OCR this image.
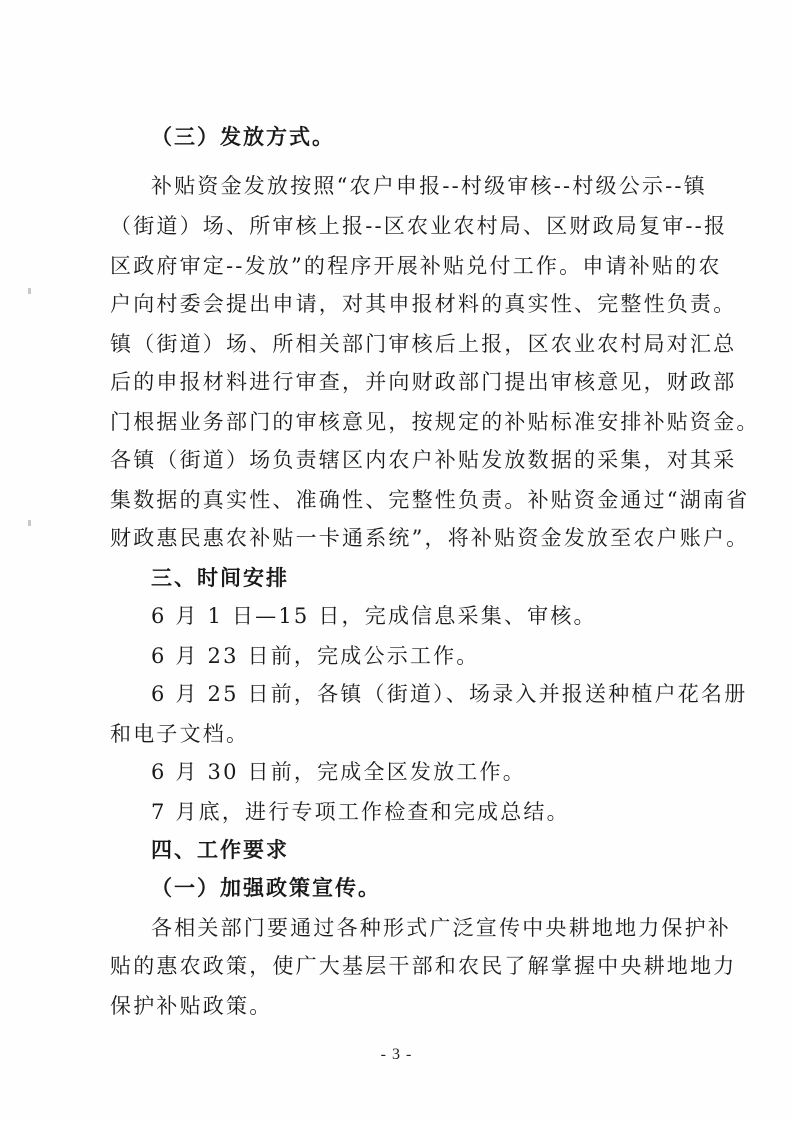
（三）发放方式。
补贴资金发放按照“农户申报--村级审核--村级公示--镇
（街道）场、所审核上报--区农业农村局、区财政局复审--报
区政府审定--发放”的程序开展补贴兑付工作。申请补贴的农
户向村委会提出申请，对其申报材料的真实性、完整性负责。
镇（街道）场、所相关部门审核后上报，区农业农村局对汇总
后的申报材料进行审查，并向财政部门提出审核意见，财政部
门根据业务部门的审核意见，按规定的补贴标准安排补贴资金。
各镇（街道）场负责辖区内农户补贴发放数据的采集，对其采
集数据的真实性、准确性、完整性负责。补贴资金通过“湖南省
财政惠民惠农补贴一卡通系统”，将补贴资金发放至农户账户。
三、时间安排
6 月 1 日—15 日，完成信息采集、审核。
6 月 23 日前，完成公示工作。
6 月 25 日前，各镇（街道）、场录入并报送种植户花名册
和电子文档。
6 月 30 日前，完成全区发放工作。
7 月底，进行专项工作检查和完成总结。
四、工作要求
（一）加强政策宣传。
各相关部门要通过各种形式广泛宣传中央耕地地力保护补
贴的惠农政策，使广大基层干部和农民了解掌握中央耕地地力
保护补贴政策。
- 3 -
